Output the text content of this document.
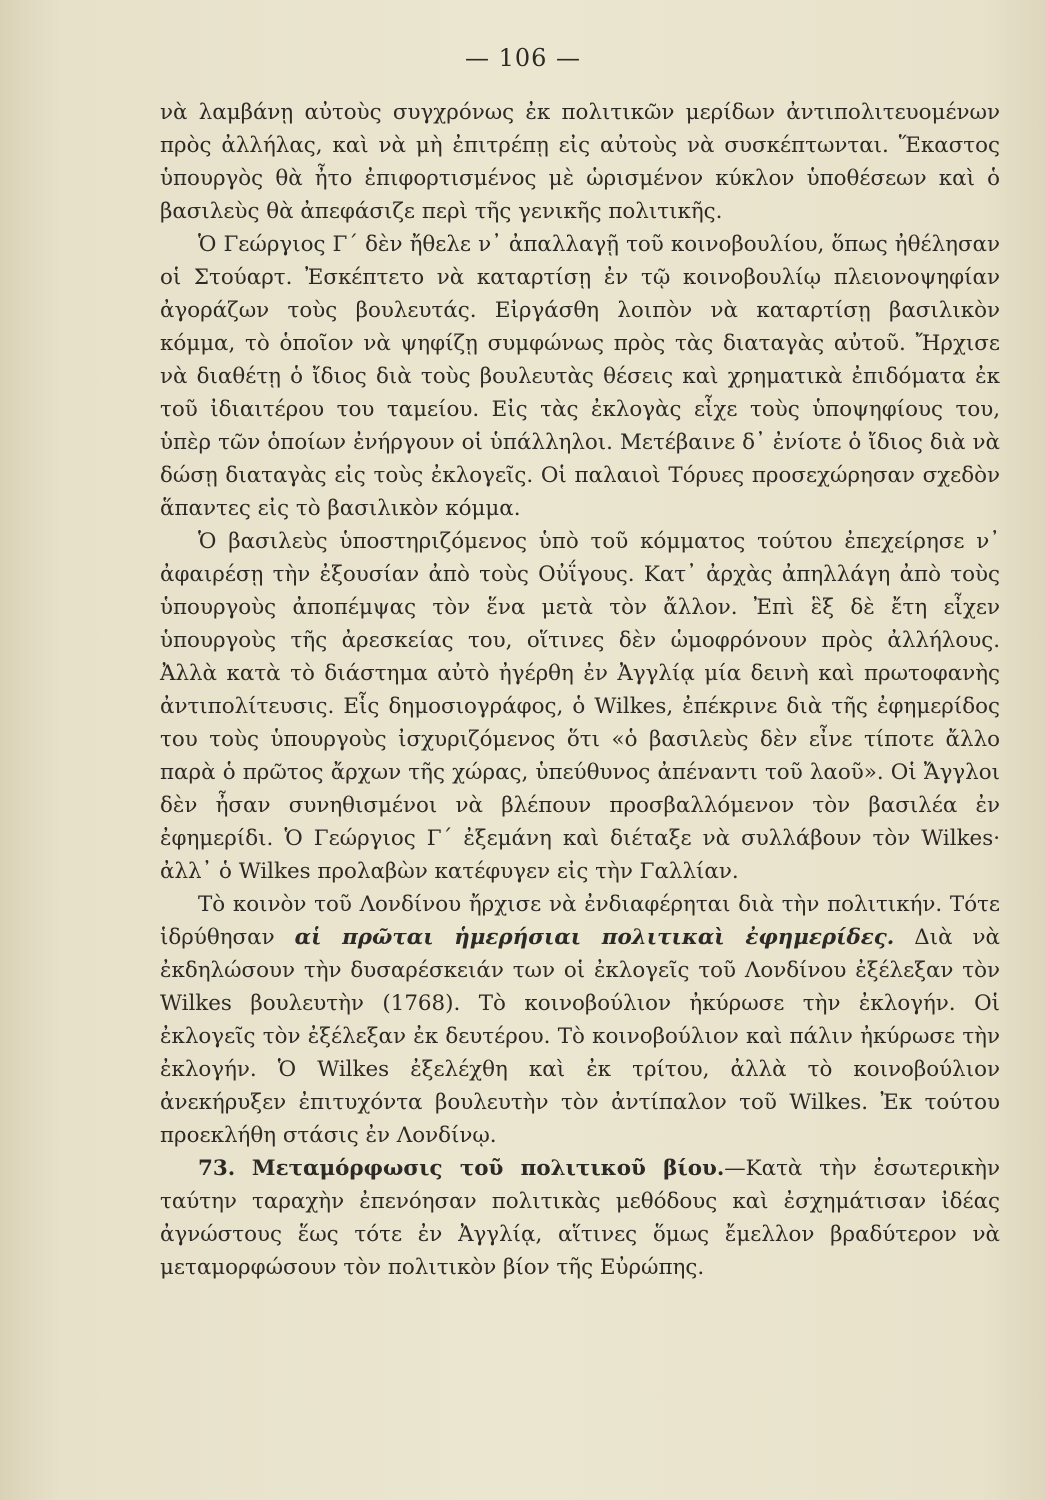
— 106 —

νὰ λαμβάνῃ αὐτοὺς συγχρόνως ἐκ πολιτικῶν μερίδων ἀντιπολιτευομένων πρὸς ἀλλήλας, καὶ νὰ μὴ ἐπιτρέπῃ εἰς αὐτοὺς νὰ συσκέπτωνται. Ἕκαστος ὑπουργὸς θὰ ἦτο ἐπιφορτισμένος μὲ ὡρισμένον κύκλον ὑποθέσεων καὶ ὁ βασιλεὺς θὰ ἀπεφάσιζε περὶ τῆς γενικῆς πολιτικῆς.

Ὁ Γεώργιος Γ´ δὲν ἤθελε ν᾽ ἀπαλλαγῇ τοῦ κοινοβουλίου, ὅπως ἠθέλησαν οἱ Στούαρτ. Ἐσκέπτετο νὰ καταρτίσῃ ἐν τῷ κοινοβουλίῳ πλειονοψηφίαν ἀγοράζων τοὺς βουλευτάς. Εἰργάσθη λοιπὸν νὰ καταρτίσῃ βασιλικὸν κόμμα, τὸ ὁποῖον νὰ ψηφίζῃ συμφώνως πρὸς τὰς διαταγὰς αὐτοῦ. Ἤρχισε νὰ διαθέτῃ ὁ ἴδιος διὰ τοὺς βουλευτὰς θέσεις καὶ χρηματικὰ ἐπιδόματα ἐκ τοῦ ἰδιαιτέρου του ταμείου. Εἰς τὰς ἐκλογὰς εἶχε τοὺς ὑποψηφίους του, ὑπὲρ τῶν ὁποίων ἐνήργουν οἱ ὑπάλληλοι. Μετέβαινε δ᾽ ἐνίοτε ὁ ἴδιος διὰ νὰ δώσῃ διαταγὰς εἰς τοὺς ἐκλογεῖς. Οἱ παλαιοὶ Τόρυες προσεχώρησαν σχεδὸν ἅπαντες εἰς τὸ βασιλικὸν κόμμα.

Ὁ βασιλεὺς ὑποστηριζόμενος ὑπὸ τοῦ κόμματος τούτου ἐπεχείρησε ν᾽ ἀφαιρέσῃ τὴν ἐξουσίαν ἀπὸ τοὺς Οὐΐγους. Κατ᾽ ἀρχὰς ἀπηλλάγη ἀπὸ τοὺς ὑπουργοὺς ἀποπέμψας τὸν ἕνα μετὰ τὸν ἄλλον. Ἐπὶ ἓξ δὲ ἔτη εἶχεν ὑπουργοὺς τῆς ἀρεσκείας του, οἵτινες δὲν ὡμοφρόνουν πρὸς ἀλλήλους. Ἀλλὰ κατὰ τὸ διάστημα αὐτὸ ἠγέρθη ἐν Ἀγγλίᾳ μία δεινὴ καὶ πρωτοφανὴς ἀντιπολίτευσις. Εἷς δημοσιογράφος, ὁ Wilkes, ἐπέκρινε διὰ τῆς ἐφημερίδος του τοὺς ὑπουργοὺς ἰσχυριζόμενος ὅτι «ὁ βασιλεὺς δὲν εἶνε τίποτε ἄλλο παρὰ ὁ πρῶτος ἄρχων τῆς χώρας, ὑπεύθυνος ἀπέναντι τοῦ λαοῦ». Οἱ Ἄγγλοι δὲν ἦσαν συνηθισμένοι νὰ βλέπουν προσβαλλόμενον τὸν βασιλέα ἐν ἐφημερίδι. Ὁ Γεώργιος Γ´ ἐξεμάνη καὶ διέταξε νὰ συλλάβουν τὸν Wilkes· ἀλλ᾽ ὁ Wilkes προλαβὼν κατέφυγεν εἰς τὴν Γαλλίαν.

Τὸ κοινὸν τοῦ Λονδίνου ἤρχισε νὰ ἐνδιαφέρηται διὰ τὴν πολιτικήν. Τότε ἱδρύθησαν αἱ πρῶται ἡμερήσιαι πολιτικαὶ ἐφημερίδες. Διὰ νὰ ἐκδηλώσουν τὴν δυσαρέσκειάν των οἱ ἐκλογεῖς τοῦ Λονδίνου ἐξέλεξαν τὸν Wilkes βουλευτὴν (1768). Τὸ κοινοβούλιον ἠκύρωσε τὴν ἐκλογήν. Οἱ ἐκλογεῖς τὸν ἐξέλεξαν ἐκ δευτέρου. Τὸ κοινοβούλιον καὶ πάλιν ἠκύρωσε τὴν ἐκλογήν. Ὁ Wilkes ἐξελέχθη καὶ ἐκ τρίτου, ἀλλὰ τὸ κοινοβούλιον ἀνεκήρυξεν ἐπιτυχόντα βουλευτὴν τὸν ἀντίπαλον τοῦ Wilkes. Ἐκ τούτου προεκλήθη στάσις ἐν Λονδίνῳ.

73. Μεταμόρφωσις τοῦ πολιτικοῦ βίου.—Κατὰ τὴν ἐσωτερικὴν ταύτην ταραχὴν ἐπενόησαν πολιτικὰς μεθόδους καὶ ἐσχημάτισαν ἰδέας ἀγνώστους ἕως τότε ἐν Ἀγγλίᾳ, αἵτινες ὅμως ἔμελλον βραδύτερον νὰ μεταμορφώσουν τὸν πολιτικὸν βίον τῆς Εὐρώπης.
